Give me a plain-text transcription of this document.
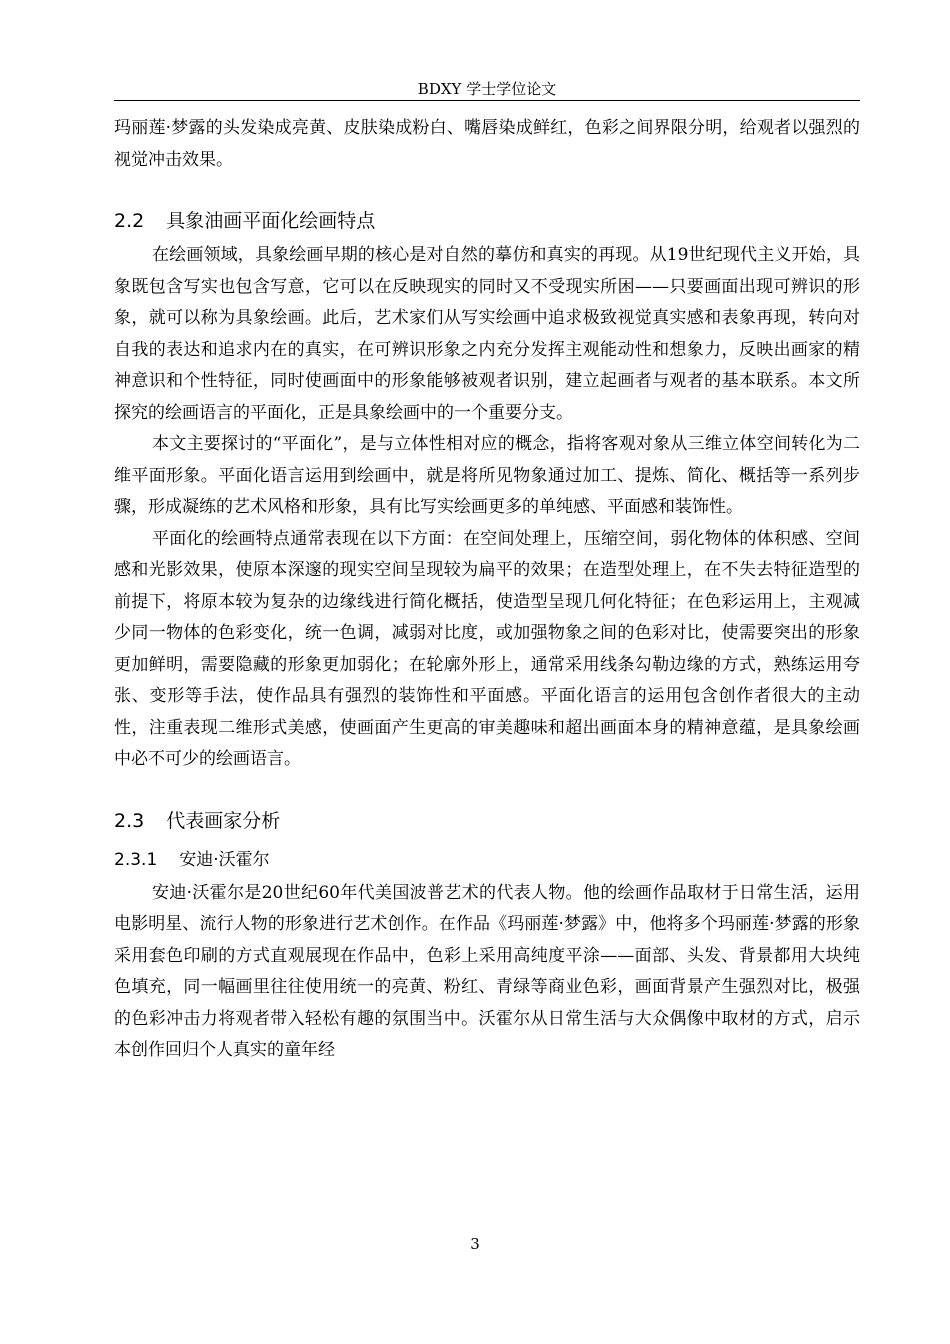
BDXY 学士学位论文

玛丽莲·梦露的头发染成亮黄、皮肤染成粉白、嘴唇染成鲜红，色彩之间界限分明，给观者以强烈的视觉冲击效果。

2.2 具象油画平面化绘画特点

在绘画领域，具象绘画早期的核心是对自然的摹仿和真实的再现。从19世纪现代主义开始，具象既包含写实也包含写意，它可以在反映现实的同时又不受现实所困——只要画面出现可辨识的形象，就可以称为具象绘画。此后，艺术家们从写实绘画中追求极致视觉真实感和表象再现，转向对自我的表达和追求内在的真实，在可辨识形象之内充分发挥主观能动性和想象力，反映出画家的精神意识和个性特征，同时使画面中的形象能够被观者识别，建立起画者与观者的基本联系。本文所探究的绘画语言的平面化，正是具象绘画中的一个重要分支。

本文主要探讨的“平面化”，是与立体性相对应的概念，指将客观对象从三维立体空间转化为二维平面形象。平面化语言运用到绘画中，就是将所见物象通过加工、提炼、简化、概括等一系列步骤，形成凝练的艺术风格和形象，具有比写实绘画更多的单纯感、平面感和装饰性。

平面化的绘画特点通常表现在以下方面：在空间处理上，压缩空间，弱化物体的体积感、空间感和光影效果，使原本深邃的现实空间呈现较为扁平的效果；在造型处理上，在不失去特征造型的前提下，将原本较为复杂的边缘线进行简化概括，使造型呈现几何化特征；在色彩运用上，主观减少同一物体的色彩变化，统一色调，减弱对比度，或加强物象之间的色彩对比，使需要突出的形象更加鲜明，需要隐藏的形象更加弱化；在轮廓外形上，通常采用线条勾勒边缘的方式，熟练运用夸张、变形等手法，使作品具有强烈的装饰性和平面感。平面化语言的运用包含创作者很大的主动性，注重表现二维形式美感，使画面产生更高的审美趣味和超出画面本身的精神意蕴，是具象绘画中必不可少的绘画语言。

2.3 代表画家分析
2.3.1 安迪·沃霍尔

安迪·沃霍尔是20世纪60年代美国波普艺术的代表人物。他的绘画作品取材于日常生活，运用电影明星、流行人物的形象进行艺术创作。在作品《玛丽莲·梦露》中，他将多个玛丽莲·梦露的形象采用套色印刷的方式直观展现在作品中，色彩上采用高纯度平涂——面部、头发、背景都用大块纯色填充，同一幅画里往往使用统一的亮黄、粉红、青绿等商业色彩，画面背景产生强烈对比，极强的色彩冲击力将观者带入轻松有趣的氛围当中。沃霍尔从日常生活与大众偶像中取材的方式，启示本创作回归个人真实的童年经

3
